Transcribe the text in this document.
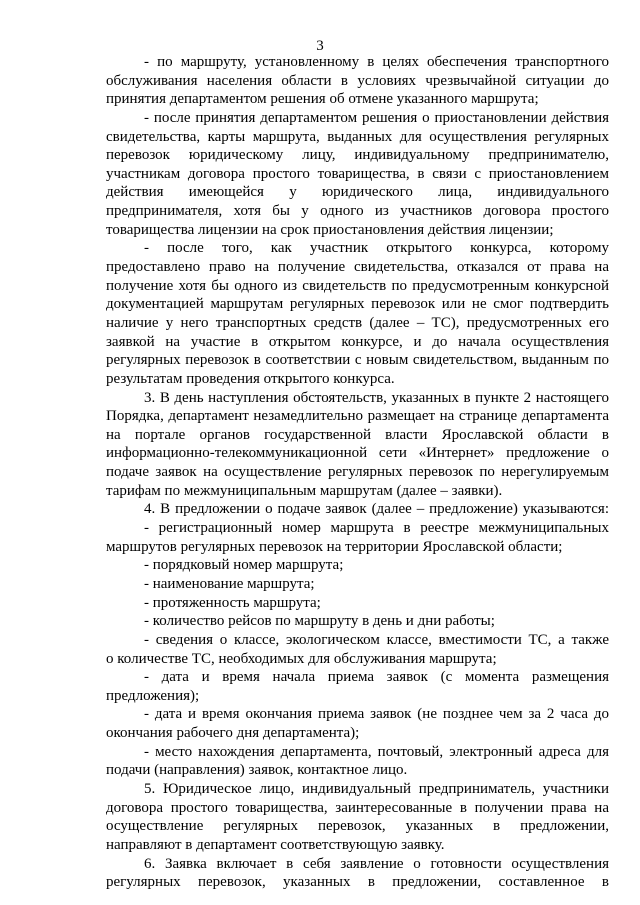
3
- по маршруту, установленному в целях обеспечения транспортного
обслуживания населения области в условиях чрезвычайной ситуации до
принятия департаментом решения об отмене указанного маршрута;
- после принятия департаментом решения о приостановлении действия
свидетельства, карты маршрута, выданных для осуществления регулярных
перевозок юридическому лицу, индивидуальному предпринимателю,
участникам договора простого товарищества, в связи с приостановлением
действия имеющейся у юридического лица, индивидуального
предпринимателя, хотя бы у одного из участников договора простого
товарищества лицензии на срок приостановления действия лицензии;
- после того, как участник открытого конкурса, которому
предоставлено право на получение свидетельства, отказался от права на
получение хотя бы одного из свидетельств по предусмотренным конкурсной
документацией маршрутам регулярных перевозок или не смог подтвердить
наличие у него транспортных средств (далее – ТС), предусмотренных его
заявкой на участие в открытом конкурсе, и до начала осуществления
регулярных перевозок в соответствии с новым свидетельством, выданным по
результатам проведения открытого конкурса.
3. В день наступления обстоятельств, указанных в пункте 2 настоящего
Порядка, департамент незамедлительно размещает на странице департамента
на портале органов государственной власти Ярославской области в
информационно-телекоммуникационной сети «Интернет» предложение о
подаче заявок на осуществление регулярных перевозок по нерегулируемым
тарифам по межмуниципальным маршрутам (далее – заявки).
4. В предложении о подаче заявок (далее – предложение) указываются:
- регистрационный номер маршрута в реестре межмуниципальных
маршрутов регулярных перевозок на территории Ярославской области;
- порядковый номер маршрута;
- наименование маршрута;
- протяженность маршрута;
- количество рейсов по маршруту в день и дни работы;
- сведения о классе, экологическом классе, вместимости ТС, а также
о количестве ТС, необходимых для обслуживания маршрута;
- дата и время начала приема заявок (с момента размещения
предложения);
- дата и время окончания приема заявок (не позднее чем за 2 часа до
окончания рабочего дня департамента);
- место нахождения департамента, почтовый, электронный адреса для
подачи (направления) заявок, контактное лицо.
5. Юридическое лицо, индивидуальный предприниматель, участники
договора простого товарищества, заинтересованные в получении права на
осуществление регулярных перевозок, указанных в предложении,
направляют в департамент соответствующую заявку.
6. Заявка включает в себя заявление о готовности осуществления
регулярных перевозок, указанных в предложении, составленное в
